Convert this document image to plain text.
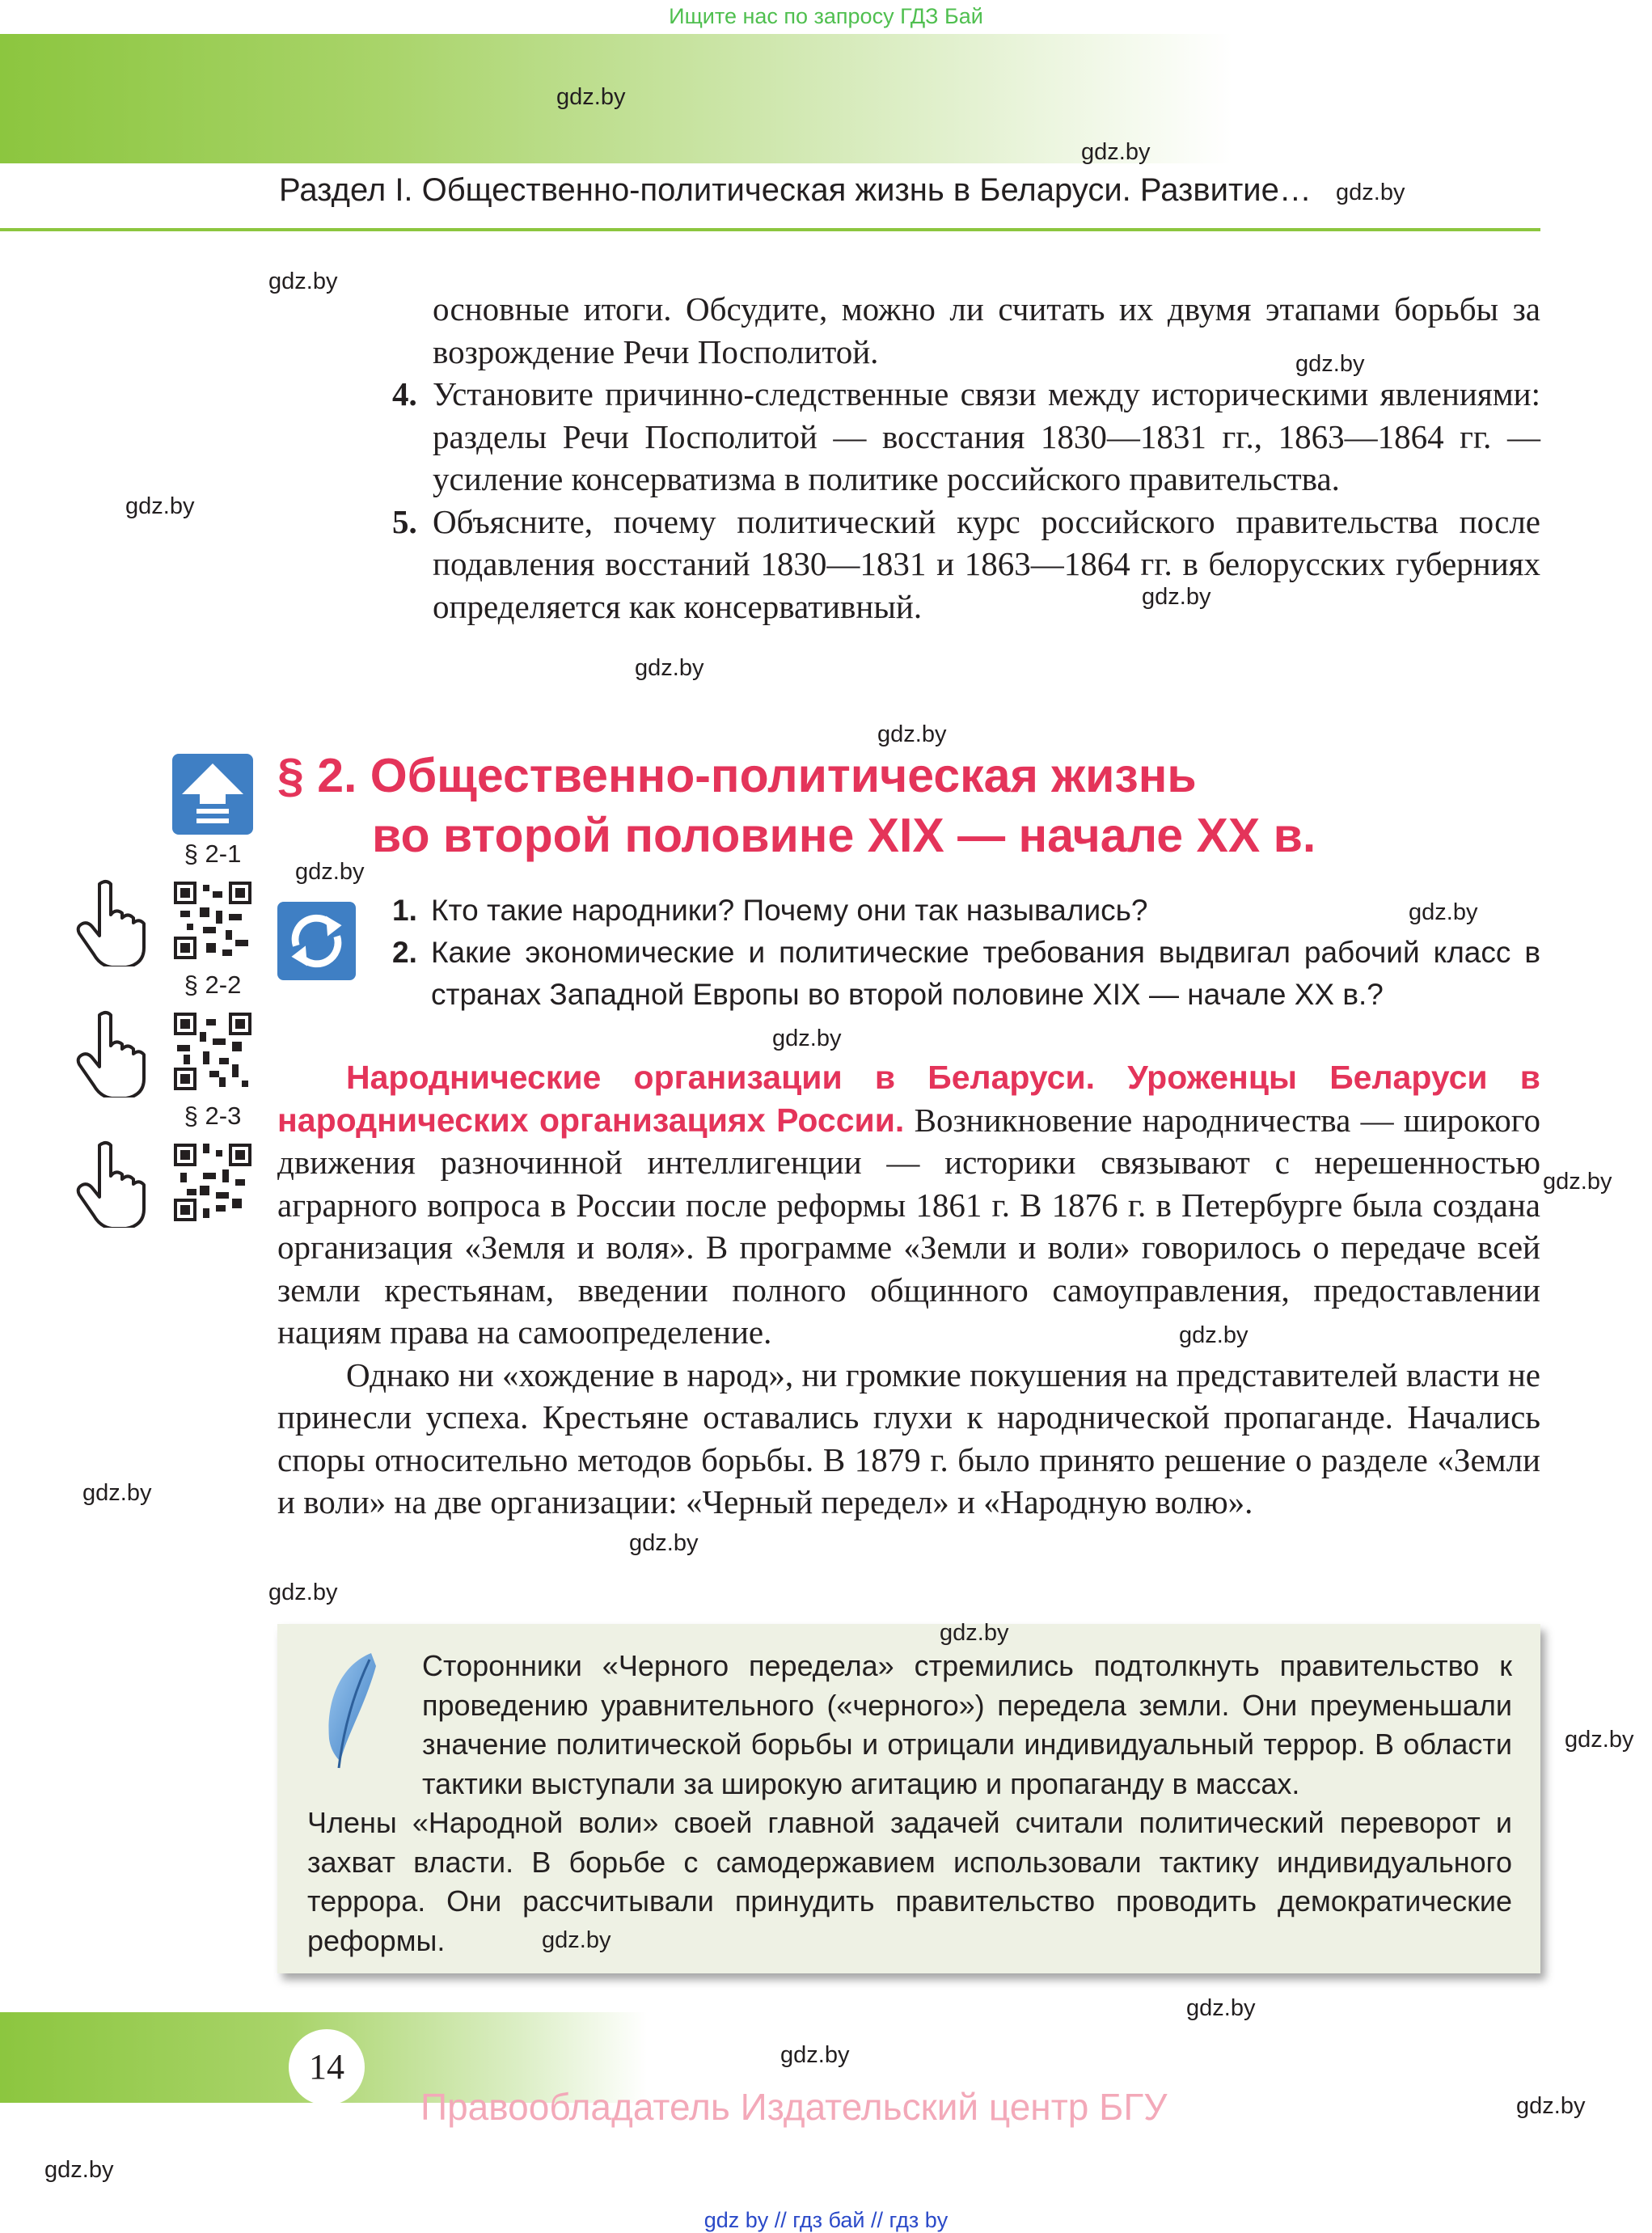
Ищите нас по запросу ГДЗ Бай
Раздел I. Общественно-политическая жизнь в Беларуси. Развитие…
основные итоги. Обсудите, можно ли считать их двумя этапами борьбы за возрождение Речи Посполитой.
4. Установите причинно-следственные связи между историческими явлениями: разделы Речи Посполитой — восстания 1830—1831 гг., 1863—1864 гг. — усиление консерватизма в политике российского правительства.
5. Объясните, почему политический курс российского правительства после подавления восстаний 1830—1831 и 1863—1864 гг. в белорусских губерниях определяется как консервативный.
§ 2. Общественно-политическая жизнь
во второй половине XIX — начале XX в.
§ 2-1
§ 2-2
§ 2-3
1. Кто такие народники? Почему они так назывались?
2. Какие экономические и политические требования выдвигал рабочий класс в странах Западной Европы во второй половине XIX — начале XX в.?

Народнические организации в Беларуси. Уроженцы Беларуси в народнических организациях России. Возникновение народничества — широкого движения разночинной интеллигенции — историки связывают с нерешенностью аграрного вопроса в России после реформы 1861 г. В 1876 г. в Петербурге была создана организация «Земля и воля». В программе «Земли и воли» говорилось о передаче всей земли крестьянам, введении полного общинного самоуправления, предоставлении нациям права на самоопределение.

Однако ни «хождение в народ», ни громкие покушения на представителей власти не принесли успеха. Крестьяне оставались глухи к народнической пропаганде. Начались споры относительно методов борьбы. В 1879 г. было принято решение о разделе «Земли и воли» на две организации: «Черный передел» и «Народную волю».

Сторонники «Черного передела» стремились подтолкнуть правительство к проведению уравнительного («черного») передела земли. Они преуменьшали значение политической борьбы и отрицали индивидуальный террор. В области тактики выступали за широкую агитацию и пропаганду в массах.
Члены «Народной воли» своей главной задачей считали политический переворот и захват власти. В борьбе с самодержавием использовали тактику индивидуального террора. Они рассчитывали принудить правительство проводить демократические реформы.
14
Правообладатель Издательский центр БГУ
gdz by // гдз бай // гдз by
gdz.by
gdz.by
gdz.by
gdz.by
gdz.by
gdz.by
gdz.by
gdz.by
gdz.by
gdz.by
gdz.by
gdz.by
gdz.by
gdz.by
gdz.by
gdz.by
gdz.by
gdz.by
gdz.by
gdz.by
gdz.by
gdz.by
gdz.by
gdz.by
